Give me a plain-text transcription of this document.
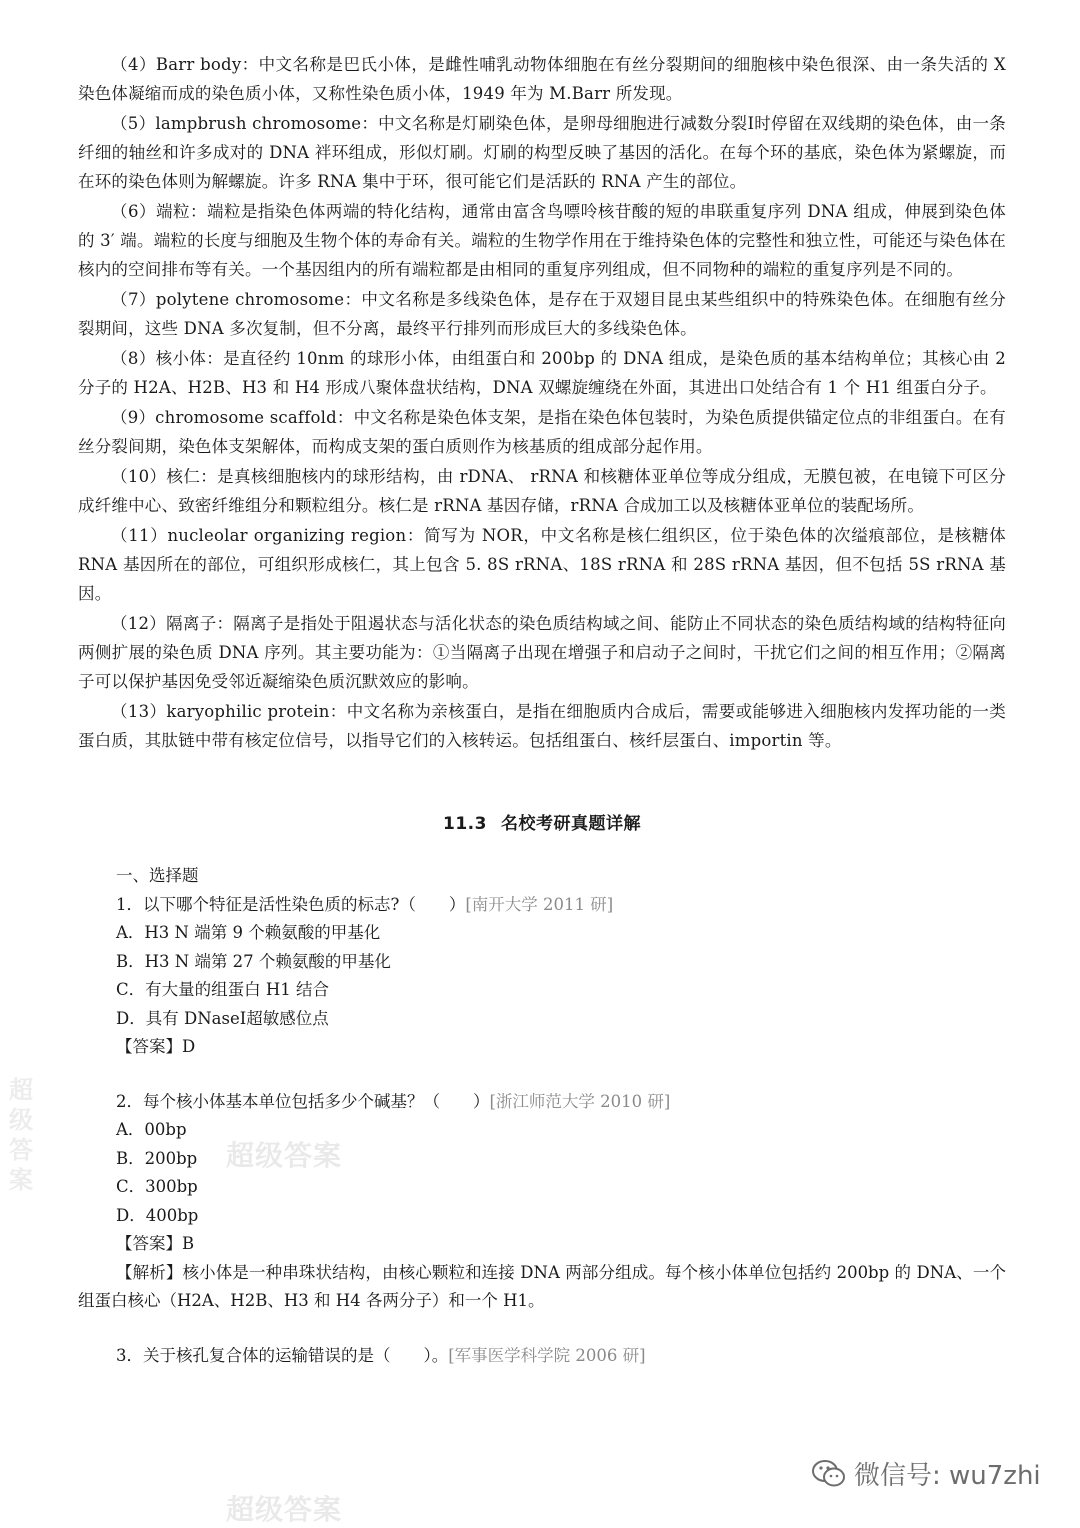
（4）Barr body：中文名称是巴氏小体，是雌性哺乳动物体细胞在有丝分裂期间的细胞核中染色很深、由一条失活的 X 染色体凝缩而成的染色质小体，又称性染色质小体，1949 年为 M.Barr 所发现。

（5）lampbrush chromosome：中文名称是灯刷染色体，是卵母细胞进行减数分裂Ⅰ时停留在双线期的染色体，由一条纤细的轴丝和许多成对的 DNA 袢环组成，形似灯刷。灯刷的构型反映了基因的活化。在每个环的基底，染色体为紧螺旋，而在环的染色体则为解螺旋。许多 RNA 集中于环，很可能它们是活跃的 RNA 产生的部位。

（6）端粒：端粒是指染色体两端的特化结构，通常由富含鸟嘌呤核苷酸的短的串联重复序列 DNA 组成，伸展到染色体的 3′ 端。端粒的长度与细胞及生物个体的寿命有关。端粒的生物学作用在于维持染色体的完整性和独立性，可能还与染色体在核内的空间排布等有关。一个基因组内的所有端粒都是由相同的重复序列组成，但不同物种的端粒的重复序列是不同的。

（7）polytene chromosome：中文名称是多线染色体，是存在于双翅目昆虫某些组织中的特殊染色体。在细胞有丝分裂期间，这些 DNA 多次复制，但不分离，最终平行排列而形成巨大的多线染色体。

（8）核小体：是直径约 10nm 的球形小体，由组蛋白和 200bp 的 DNA 组成，是染色质的基本结构单位；其核心由 2 分子的 H2A、H2B、H3 和 H4 形成八聚体盘状结构，DNA 双螺旋缠绕在外面，其进出口处结合有 1 个 H1 组蛋白分子。

（9）chromosome scaffold：中文名称是染色体支架，是指在染色体包装时，为染色质提供锚定位点的非组蛋白。在有丝分裂间期，染色体支架解体，而构成支架的蛋白质则作为核基质的组成部分起作用。

（10）核仁：是真核细胞核内的球形结构，由 rDNA、 rRNA 和核糖体亚单位等成分组成，无膜包被，在电镜下可区分成纤维中心、致密纤维组分和颗粒组分。核仁是 rRNA 基因存储，rRNA 合成加工以及核糖体亚单位的装配场所。

（11）nucleolar organizing region：简写为 NOR，中文名称是核仁组织区，位于染色体的次缢痕部位，是核糖体 RNA 基因所在的部位，可组织形成核仁，其上包含 5. 8S rRNA、18S rRNA 和 28S rRNA 基因，但不包括 5S rRNA 基因。

（12）隔离子：隔离子是指处于阻遏状态与活化状态的染色质结构域之间、能防止不同状态的染色质结构域的结构特征向两侧扩展的染色质 DNA 序列。其主要功能为：①当隔离子出现在增强子和启动子之间时，干扰它们之间的相互作用；②隔离子可以保护基因免受邻近凝缩染色质沉默效应的影响。

（13）karyophilic protein：中文名称为亲核蛋白，是指在细胞质内合成后，需要或能够进入细胞核内发挥功能的一类蛋白质，其肽链中带有核定位信号，以指导它们的入核转运。包括组蛋白、核纤层蛋白、importin 等。

11.3 名校考研真题详解
一、选择题
1．以下哪个特征是活性染色质的标志?（　　）[南开大学 2011 研]
A．H3 N 端第 9 个赖氨酸的甲基化
B．H3 N 端第 27 个赖氨酸的甲基化
C．有大量的组蛋白 H1 结合
D．具有 DNaseⅠ超敏感位点
【答案】D
2．每个核小体基本单位包括多少个碱基？（　　）[浙江师范大学 2010 研]
A．00bp
B．200bp
C．300bp
D．400bp
【答案】B
【解析】核小体是一种串珠状结构，由核心颗粒和连接 DNA 两部分组成。每个核小体单位包括约 200bp 的 DNA、一个组蛋白核心（H2A、H2B、H3 和 H4 各两分子）和一个 H1。
3．关于核孔复合体的运输错误的是（　　）。[军事医学科学院 2006 研]
超级答案
超级答案
超级答案
微信号: wu7zhi
